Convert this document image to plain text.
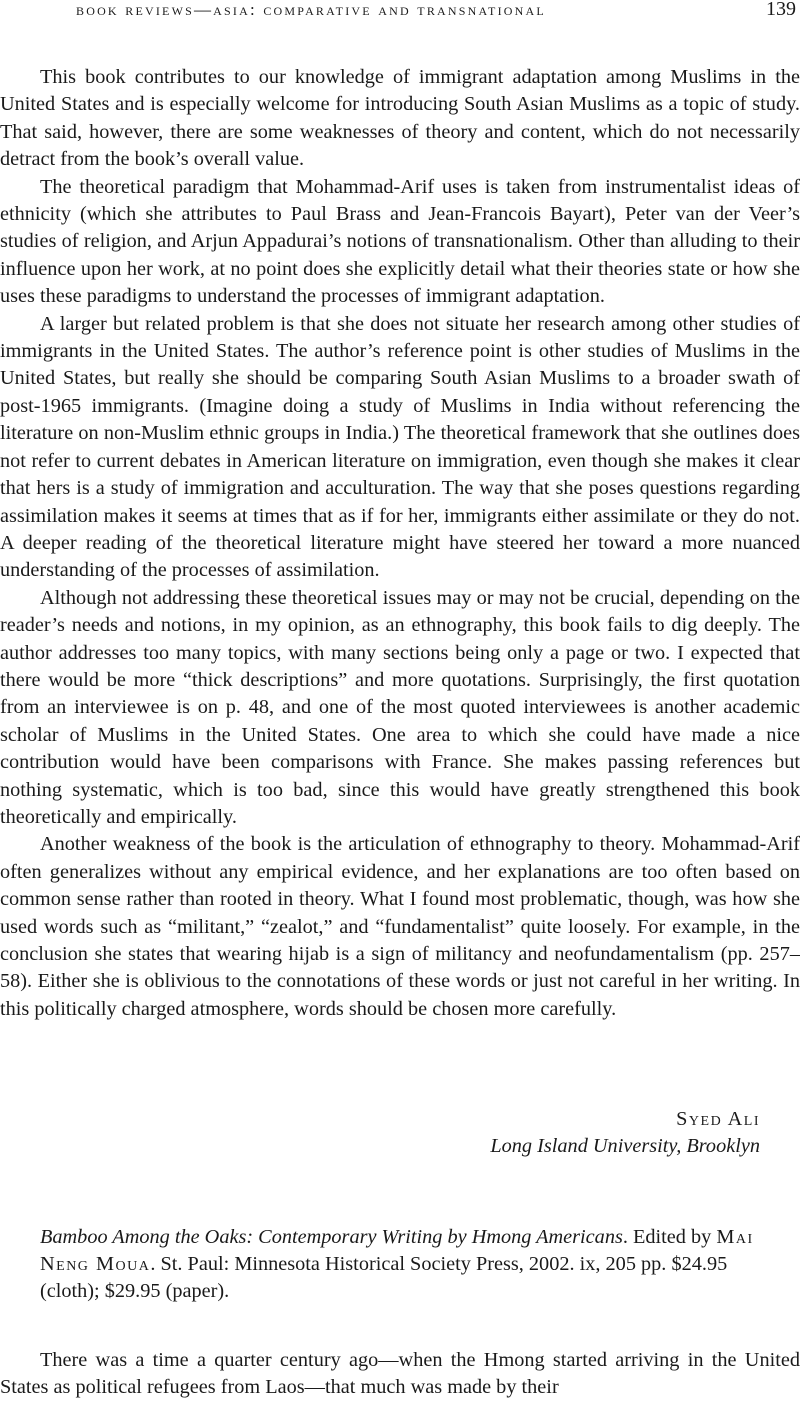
book reviews—asia: comparative and transnational	139

This book contributes to our knowledge of immigrant adaptation among Muslims in the United States and is especially welcome for introducing South Asian Muslims as a topic of study. That said, however, there are some weaknesses of theory and content, which do not necessarily detract from the book’s overall value.

The theoretical paradigm that Mohammad-Arif uses is taken from instrumentalist ideas of ethnicity (which she attributes to Paul Brass and Jean-Francois Bayart), Peter van der Veer’s studies of religion, and Arjun Appadurai’s notions of transnationalism. Other than alluding to their influence upon her work, at no point does she explicitly detail what their theories state or how she uses these paradigms to understand the processes of immigrant adaptation.

A larger but related problem is that she does not situate her research among other studies of immigrants in the United States. The author’s reference point is other studies of Muslims in the United States, but really she should be comparing South Asian Muslims to a broader swath of post-1965 immigrants. (Imagine doing a study of Muslims in India without referencing the literature on non-Muslim ethnic groups in India.) The theoretical framework that she outlines does not refer to current debates in American literature on immigration, even though she makes it clear that hers is a study of immigration and acculturation. The way that she poses questions regarding assimilation makes it seems at times that as if for her, immigrants either assimilate or they do not. A deeper reading of the theoretical literature might have steered her toward a more nuanced understanding of the processes of assimilation.

Although not addressing these theoretical issues may or may not be crucial, depending on the reader’s needs and notions, in my opinion, as an ethnography, this book fails to dig deeply. The author addresses too many topics, with many sections being only a page or two. I expected that there would be more “thick descriptions” and more quotations. Surprisingly, the first quotation from an interviewee is on p. 48, and one of the most quoted interviewees is another academic scholar of Muslims in the United States. One area to which she could have made a nice contribution would have been comparisons with France. She makes passing references but nothing systematic, which is too bad, since this would have greatly strengthened this book theoretically and empirically.

Another weakness of the book is the articulation of ethnography to theory. Mohammad-Arif often generalizes without any empirical evidence, and her explanations are too often based on common sense rather than rooted in theory. What I found most problematic, though, was how she used words such as “militant,” “zealot,” and “fundamentalist” quite loosely. For example, in the conclusion she states that wearing hijab is a sign of militancy and neofundamentalism (pp. 257–58). Either she is oblivious to the connotations of these words or just not careful in her writing. In this politically charged atmosphere, words should be chosen more carefully.

Syed Ali
Long Island University, Brooklyn
Bamboo Among the Oaks: Contemporary Writing by Hmong Americans. Edited by Mai Neng Moua. St. Paul: Minnesota Historical Society Press, 2002. ix, 205 pp. $24.95 (cloth); $29.95 (paper).

There was a time a quarter century ago—when the Hmong started arriving in the United States as political refugees from Laos—that much was made by their
